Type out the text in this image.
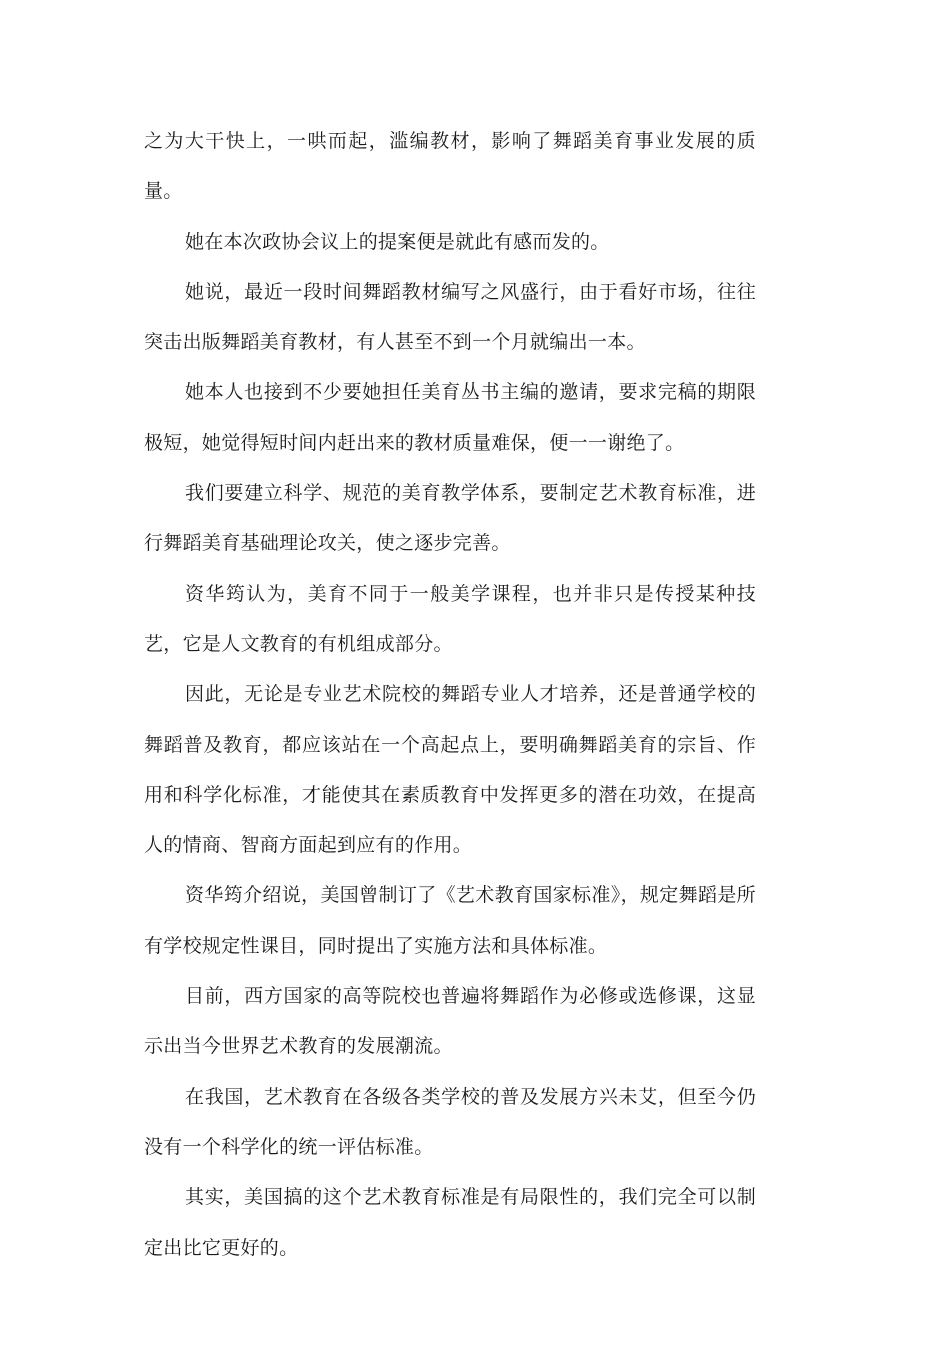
之为大干快上，一哄而起，滥编教材，影响了舞蹈美育事业发展的质量。

她在本次政协会议上的提案便是就此有感而发的。

她说，最近一段时间舞蹈教材编写之风盛行，由于看好市场，往往突击出版舞蹈美育教材，有人甚至不到一个月就编出一本。

她本人也接到不少要她担任美育丛书主编的邀请，要求完稿的期限极短，她觉得短时间内赶出来的教材质量难保，便一一谢绝了。

我们要建立科学、规范的美育教学体系，要制定艺术教育标准，进行舞蹈美育基础理论攻关，使之逐步完善。

资华筠认为，美育不同于一般美学课程，也并非只是传授某种技艺，它是人文教育的有机组成部分。

因此，无论是专业艺术院校的舞蹈专业人才培养，还是普通学校的舞蹈普及教育，都应该站在一个高起点上，要明确舞蹈美育的宗旨、作用和科学化标准，才能使其在素质教育中发挥更多的潜在功效，在提高人的情商、智商方面起到应有的作用。

资华筠介绍说，美国曾制订了《艺术教育国家标准》，规定舞蹈是所有学校规定性课目，同时提出了实施方法和具体标准。

目前，西方国家的高等院校也普遍将舞蹈作为必修或选修课，这显示出当今世界艺术教育的发展潮流。

在我国，艺术教育在各级各类学校的普及发展方兴未艾，但至今仍没有一个科学化的统一评估标准。

其实，美国搞的这个艺术教育标准是有局限性的，我们完全可以制定出比它更好的。
